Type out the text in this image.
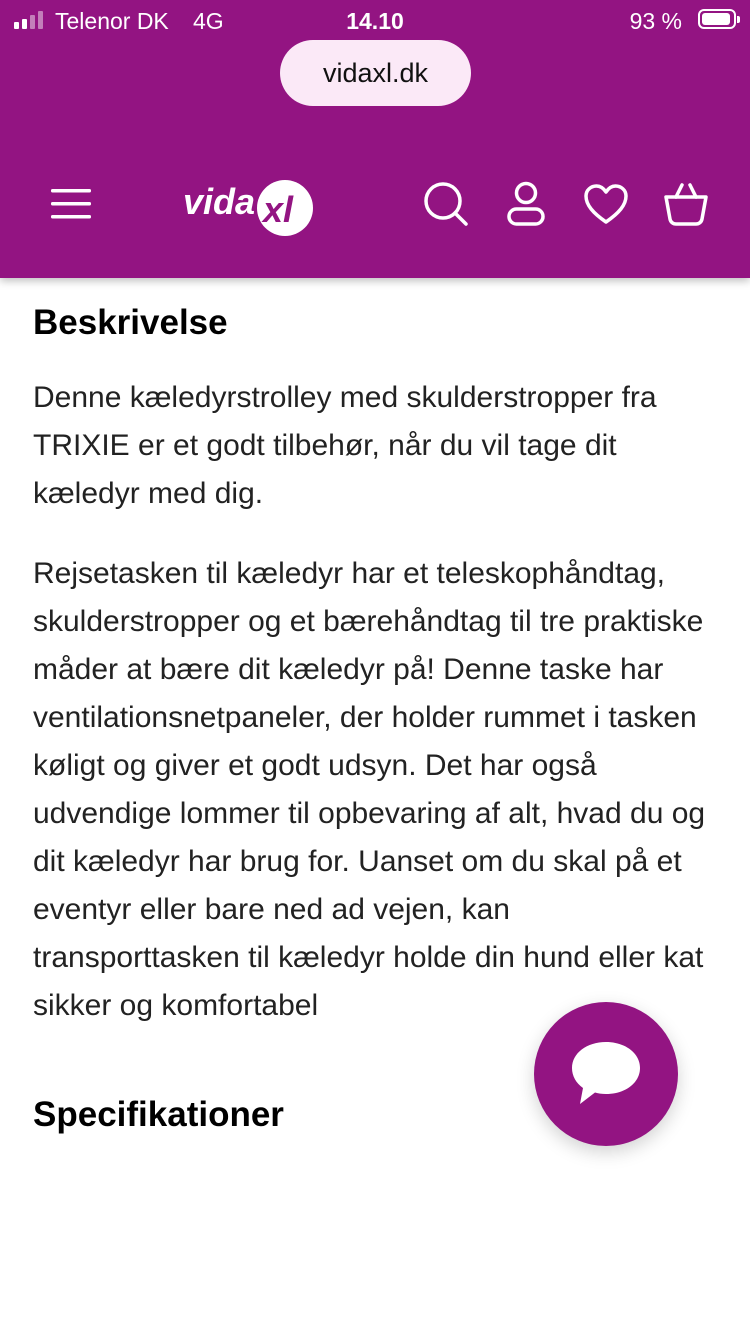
Telenor DK 4G	14.10	93 %
vidaxl.dk
vida xl
Beskrivelse

Denne kæledyrstrolley med skulderstropper fra TRIXIE er et godt tilbehør, når du vil tage dit kæledyr med dig.

Rejsetasken til kæledyr har et teleskophåndtag, skulderstropper og et bærehåndtag til tre praktiske måder at bære dit kæledyr på! Denne taske har ventilationsnetpaneler, der holder rummet i tasken køligt og giver et godt udsyn. Det har også udvendige lommer til opbevaring af alt, hvad du og dit kæledyr har brug for. Uanset om du skal på et eventyr eller bare ned ad vejen, kan transporttasken til kæledyr holde din hund eller kat sikker og komfortabel

Specifikationer
